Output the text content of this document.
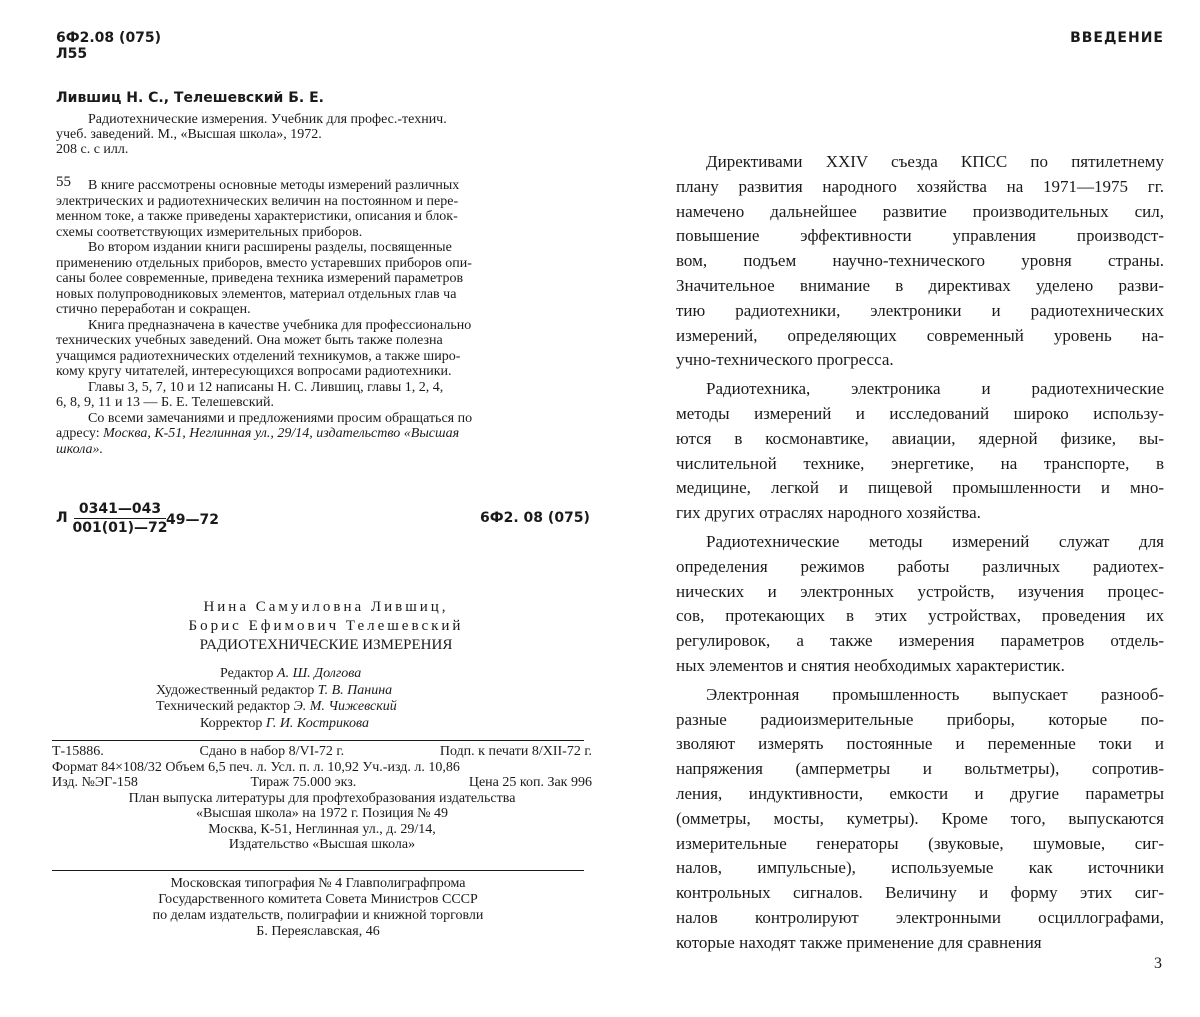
6Ф2.08 (075)
Л55
Лившиц Н. С., Телешевский Б. Е.
Радиотехнические измерения. Учебник для профес.-технич.
учеб. заведений. М., «Высшая школа», 1972.
208 с. с илл.
55	В книге рассмотрены основные методы измерений различных
электрических и радиотехнических величин на постоянном и пере-
менном токе, а также приведены характеристики, описания и блок-
схемы соответствующих измерительных приборов.
Во втором издании книги расширены разделы, посвященные
применению отдельных приборов, вместо устаревших приборов опи-
саны более современные, приведена техника измерений параметров
новых полупроводниковых элементов, материал отдельных глав ча
стично переработан и сокращен.
Книга предназначена в качестве учебника для профессионально
технических учебных заведений. Она может быть также полезна
учащимся радиотехнических отделений техникумов, а также широ-
кому кругу читателей, интересующихся вопросами радиотехники.
Главы 3, 5, 7, 10 и 12 написаны Н. С. Лившиц, главы 1, 2, 4,
6, 8, 9, 11 и 13 — Б. Е. Телешевский.
Со всеми замечаниями и предложениями просим обращаться по
адресу: Москва, К-51, Неглинная ул., 29/14, издательство «Высшая
школа».
Л
0341—043
001(01)—72
49—72	6Ф2. 08 (075)
Нина Самуиловна Лившиц,
Борис Ефимович Телешевский
РАДИОТЕХНИЧЕСКИЕ ИЗМЕРЕНИЯ
Редактор А. Ш. Долгова
Художественный редактор Т. В. Панина
Технический редактор Э. М. Чижевский
Корректор Г. И. Кострикова
Т-15886.	Сдано в набор 8/VI-72 г.	Подп. к печати 8/XII-72 г.
Формат 84×108/32 Объем 6,5 печ. л. Усл. п. л. 10,92 Уч.-изд. л. 10,86
Изд. №ЭГ-158	Тираж 75.000 экз.	Цена 25 коп. Зак 996
План выпуска литературы для профтехобразования издательства
«Высшая школа» на 1972 г. Позиция № 49
Москва, К-51, Неглинная ул., д. 29/14,
Издательство «Высшая школа»
Московская типография № 4 Главполиграфпрома
Государственного комитета Совета Министров СССР
по делам издательств, полиграфии и книжной торговли
Б. Переяславская, 46
ВВЕДЕНИЕ

Директивами XXIV съезда КПСС по пятилетнему
плану развития народного хозяйства на 1971—1975 гг.
намечено дальнейшее развитие производительных сил,
повышение эффективности управления производст-
вом, подъем научно-технического уровня страны.
Значительное внимание в директивах уделено разви-
тию радиотехники, электроники и радиотехнических
измерений, определяющих современный уровень на-
учно-технического прогресса.

Радиотехника, электроника и радиотехнические
методы измерений и исследований широко использу-
ются в космонавтике, авиации, ядерной физике, вы-
числительной технике, энергетике, на транспорте, в
медицине, легкой и пищевой промышленности и мно-
гих других отраслях народного хозяйства.

Радиотехнические методы измерений служат для
определения режимов работы различных радиотех-
нических и электронных устройств, изучения процес-
сов, протекающих в этих устройствах, проведения их
регулировок, а также измерения параметров отдель-
ных элементов и снятия необходимых характеристик.

Электронная промышленность выпускает разнооб-
разные радиоизмерительные приборы, которые по-
зволяют измерять постоянные и переменные токи и
напряжения (амперметры и вольтметры), сопротив-
ления, индуктивности, емкости и другие параметры
(омметры, мосты, куметры). Кроме того, выпускаются
измерительные генераторы (звуковые, шумовые, сиг-
налов, импульсные), используемые как источники
контрольных сигналов. Величину и форму этих сиг-
налов контролируют электронными осциллографами,
которые находят также применение для сравнения

3
